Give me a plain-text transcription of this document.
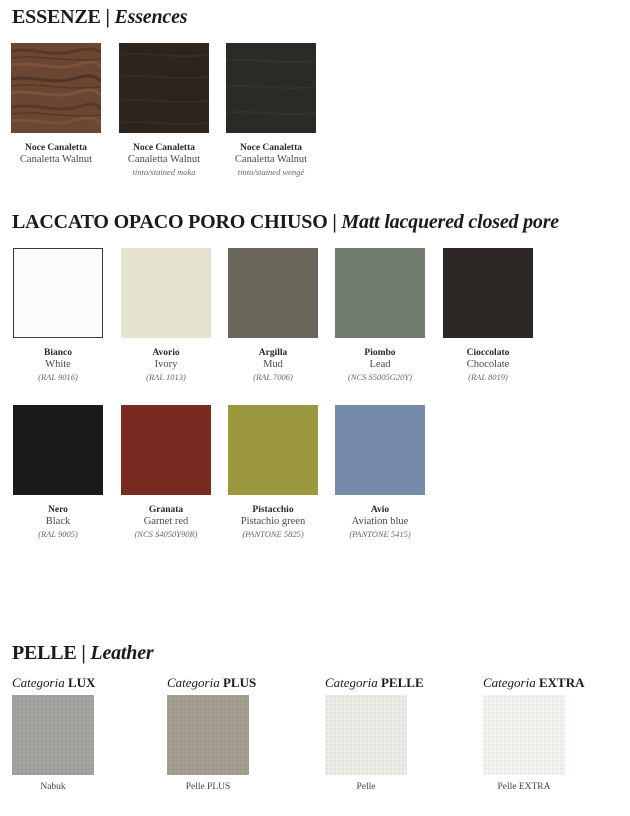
ESSENZE | Essences
Noce Canaletta
Canaletta Walnut
Noce Canaletta
Canaletta Walnut
tinto/stained moka
Noce Canaletta
Canaletta Walnut
tinto/stained wengé
LACCATO OPACO PORO CHIUSO | Matt lacquered closed pore
Bianco
White
(RAL 9016)
Avorio
Ivory
(RAL 1013)
Argilla
Mud
(RAL 7006)
Piombo
Lead
(NCS S5005G20Y)
Cioccolato
Chocolate
(RAL 8019)
Nero
Black
(RAL 9005)
Granata
Garnet red
(NCS S4050Y90R)
Pistacchio
Pistachio green
(PANTONE 5825)
Avio
Aviation blue
(PANTONE 5415)
PELLE | Leather
Categoria LUX	Categoria PLUS	Categoria PELLE	Categoria EXTRA
Nabuk	Pelle PLUS	Pelle	Pelle EXTRA
